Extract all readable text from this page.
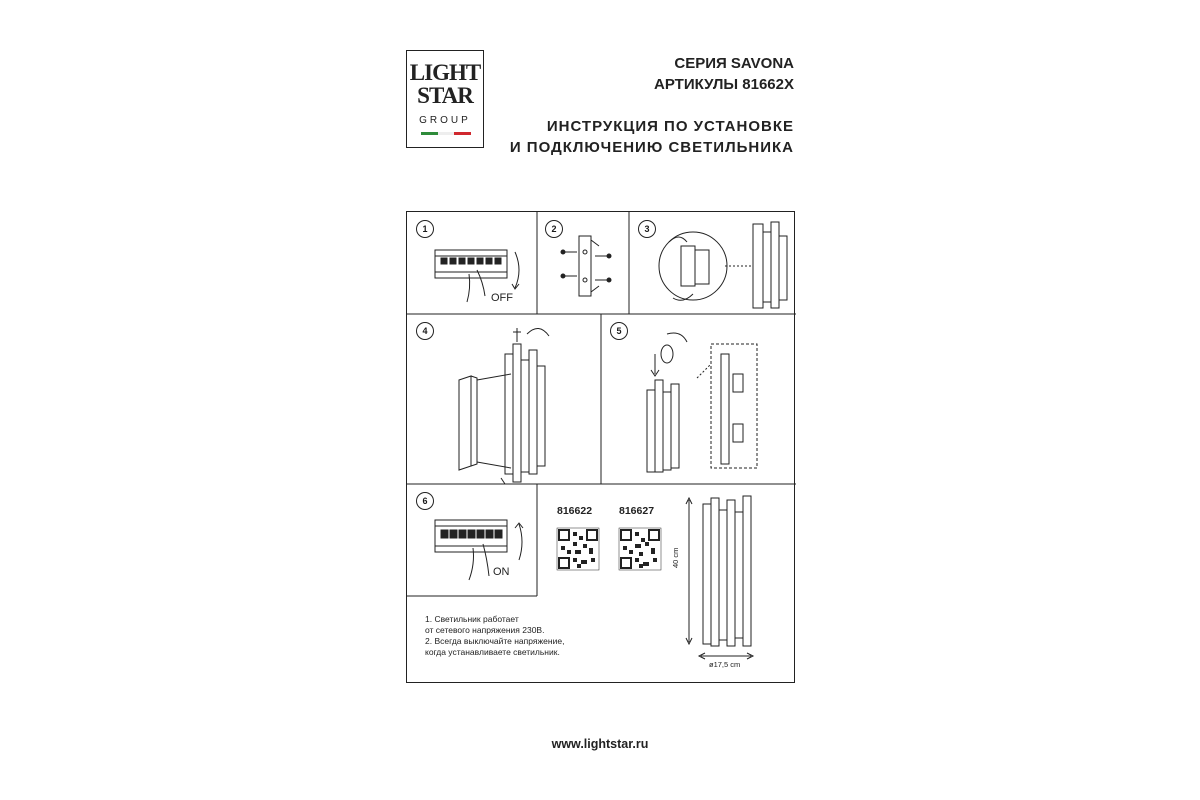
LIGHT
STAR
GROUP
СЕРИЯ SAVONA
АРТИКУЛЫ 81662X
ИНСТРУКЦИЯ ПО УСТАНОВКЕ
И ПОДКЛЮЧЕНИЮ СВЕТИЛЬНИКА
1
OFF
2	3
4	5
6
ON
816622	816627
40 cm
ø17,5 cm
1. Светильник работает
от сетевого напряжения 230В.
2. Всегда выключайте напряжение,
когда устанавливаете светильник.
www.lightstar.ru
